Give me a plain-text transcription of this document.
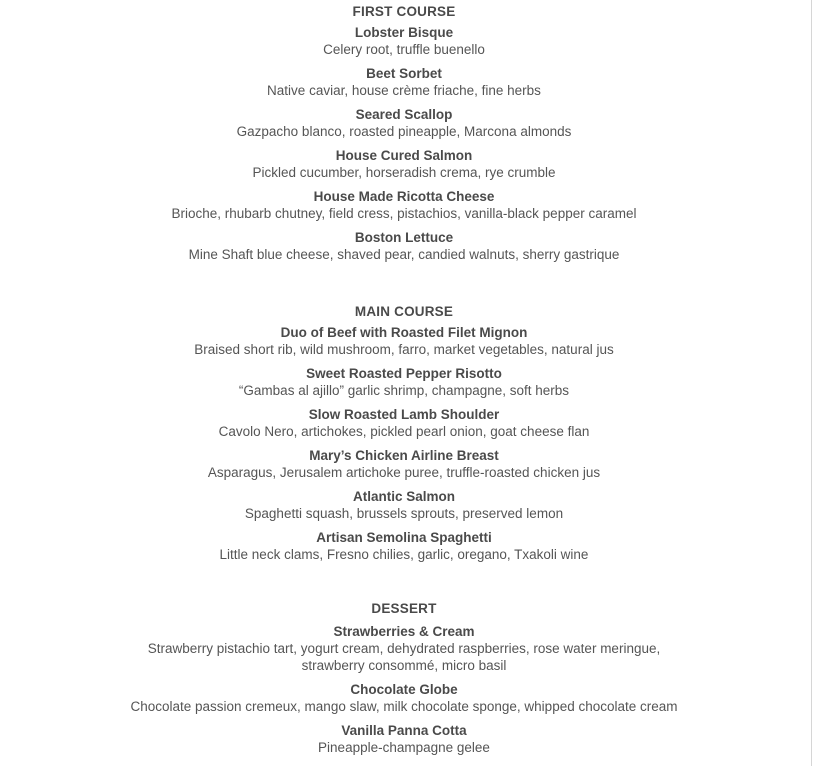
FIRST COURSE
Lobster Bisque
Celery root, truffle buenello
Beet Sorbet
Native caviar, house crème friache, fine herbs
Seared Scallop
Gazpacho blanco, roasted pineapple, Marcona almonds
House Cured Salmon
Pickled cucumber, horseradish crema, rye crumble
House Made Ricotta Cheese
Brioche, rhubarb chutney, field cress, pistachios, vanilla-black pepper caramel
Boston Lettuce
Mine Shaft blue cheese, shaved pear, candied walnuts, sherry gastrique
MAIN COURSE
Duo of Beef with Roasted Filet Mignon
Braised short rib, wild mushroom, farro, market vegetables, natural jus
Sweet Roasted Pepper Risotto
“Gambas al ajillo” garlic shrimp, champagne, soft herbs
Slow Roasted Lamb Shoulder
Cavolo Nero, artichokes, pickled pearl onion, goat cheese flan
Mary’s Chicken Airline Breast
Asparagus, Jerusalem artichoke puree, truffle-roasted chicken jus
Atlantic Salmon
Spaghetti squash, brussels sprouts, preserved lemon
Artisan Semolina Spaghetti
Little neck clams, Fresno chilies, garlic, oregano, Txakoli wine
DESSERT
Strawberries & Cream
Strawberry pistachio tart, yogurt cream, dehydrated raspberries, rose water meringue,
strawberry consommé, micro basil
Chocolate Globe
Chocolate passion cremeux, mango slaw, milk chocolate sponge, whipped chocolate cream
Vanilla Panna Cotta
Pineapple-champagne gelee
